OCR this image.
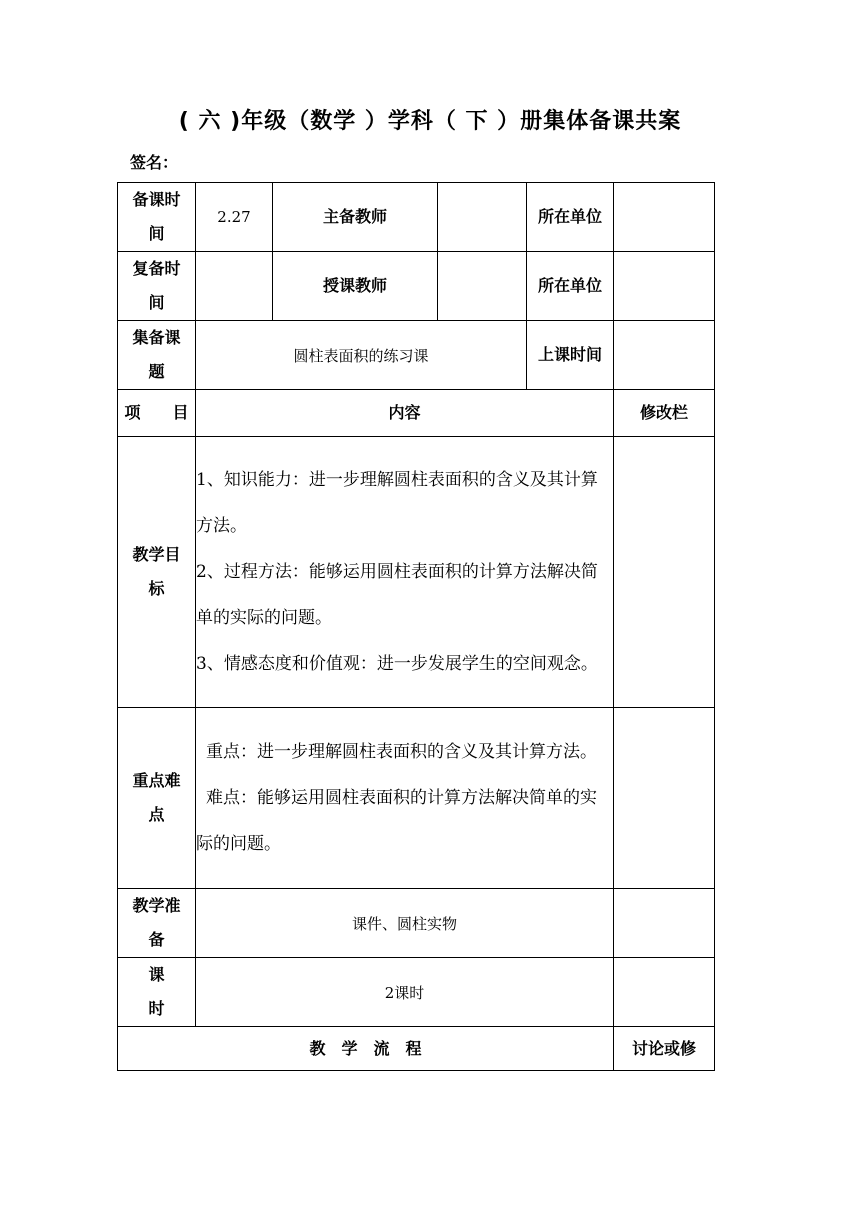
( 六 )年级（数学 ）学科（ 下 ）册集体备课共案
签名：
备课时间	2.27	主备教师		所在单位	

复备时间		授课教师		所在单位	

集备课题	圆柱表面积的练习课			上课时间	
项　　目	内容				修改栏

教学目标	1、知识能力：进一步理解圆柱表面积的含义及其计算方法。
2、过程方法：能够运用圆柱表面积的计算方法解决简单的实际的问题。
3、情感态度和价值观：进一步发展学生的空间观念。				

重点难点	重点：进一步理解圆柱表面积的含义及其计算方法。
难点：能够运用圆柱表面积的计算方法解决简单的实际的问题。				

教学准备	课件、圆柱实物				

课时	2课时				
教　学　流　程					讨论或修
